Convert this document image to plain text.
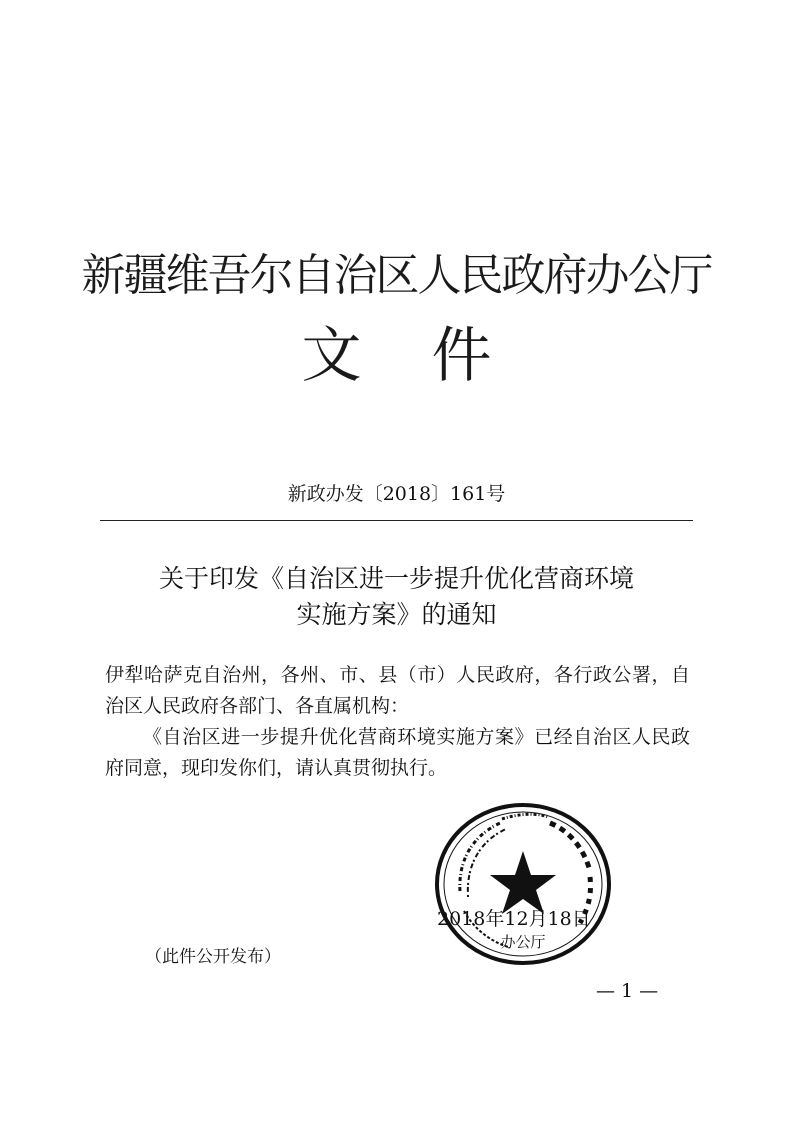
新疆维吾尔自治区人民政府办公厅
文件
新政办发〔2018〕161号
关于印发《自治区进一步提升优化营商环境
实施方案》的通知
伊犁哈萨克自治州，各州、市、县（市）人民政府，各行政公署，自治区人民政府各部门、各直属机构：
《自治区进一步提升优化营商环境实施方案》已经自治区人民政府同意，现印发你们，请认真贯彻执行。
2018年12月18日
办公厅
（此件公开发布）
— 1 —
